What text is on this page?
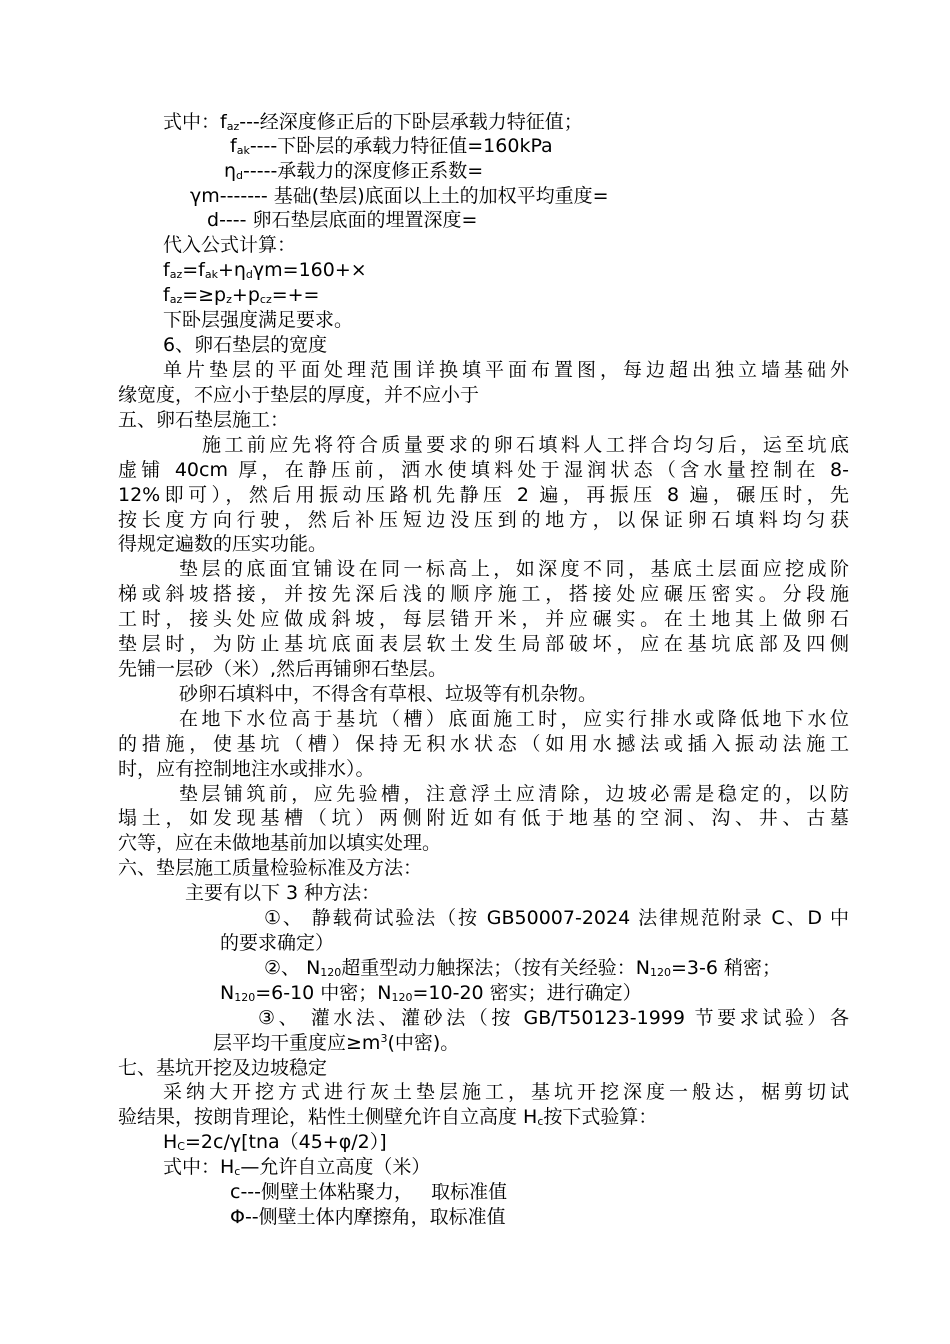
式中：$f_{az}---$经深度修正后的下卧层承载力特征值；
$f_{ak}----$下卧层的承载力特征值=160kPa
$\eta_d-----$承载力的深度修正系数=
γm------- 基础(垫层)底面以上土的加权平均重度=
d---- 卵石垫层底面的埋置深度=
代入公式计算：
$f_{az}=f_{ak}+\eta_d\gamma m=160+\times$
$f_{az}=\ge p_z+p_{cz}=+=$
下卧层强度满足要求。
6、卵石垫层的宽度
单片垫层的平面处理范围详换填平面布置图，每边超出独立墙基础外
缘宽度，不应小于垫层的厚度，并不应小于
五、卵石垫层施工：
施工前应先将符合质量要求的卵石填料人工拌合均匀后，运至坑底
虚铺 40cm 厚，在静压前，洒水使填料处于湿润状态（含水量控制在 8-
12%即可），然后用振动压路机先静压 2 遍，再振压 8 遍，碾压时，先
按长度方向行驶，然后补压短边没压到的地方，以保证卵石填料均匀获
得规定遍数的压实功能。
垫层的底面宜铺设在同一标高上，如深度不同，基底土层面应挖成阶
梯或斜坡搭接，并按先深后浅的顺序施工，搭接处应碾压密实。分段施
工时，接头处应做成斜坡，每层错开米，并应碾实。在土地其上做卵石
垫层时，为防止基坑底面表层软土发生局部破坏，应在基坑底部及四侧
先铺一层砂（米）,然后再铺卵石垫层。
砂卵石填料中，不得含有草根、垃圾等有机杂物。
在地下水位高于基坑（槽）底面施工时，应实行排水或降低地下水位
的措施，使基坑（槽）保持无积水状态（如用水撼法或插入振动法施工
时，应有控制地注水或排水）。
垫层铺筑前，应先验槽，注意浮土应清除，边坡必需是稳定的，以防
塌土，如发现基槽（坑）两侧附近如有低于地基的空洞、沟、井、古墓
穴等，应在未做地基前加以填实处理。
六、垫层施工质量检验标准及方法：
主要有以下 3 种方法：
①、 静载荷试验法（按 GB50007-2024 法律规范附录 C、D 中
的要求确定）
②、 $N_{120}$超重型动力触探法；（按有关经验：$N_{120}=3-6$ 稍密；
$N_{120}=6-10$ 中密；$N_{120}=10-20$ 密实；进行确定）
③、 灌水法、灌砂法（按 GB/T50123-1999 节要求试验）各
层平均干重度应$\ge m^3$(中密)。
七、基坑开挖及边坡稳定
采纳大开挖方式进行灰土垫层施工，基坑开挖深度一般达，椐剪切试
验结果，按朗肯理论，粘性土侧壁允许自立高度 $H_c$按下式验算：
$H_C=2c/\gamma[tna(45+\varphi/2)]$
式中：$H_c—$允许自立高度（米）
c---侧壁土体粘聚力，   取标准值
Φ--侧壁土体内摩擦角，取标准值
